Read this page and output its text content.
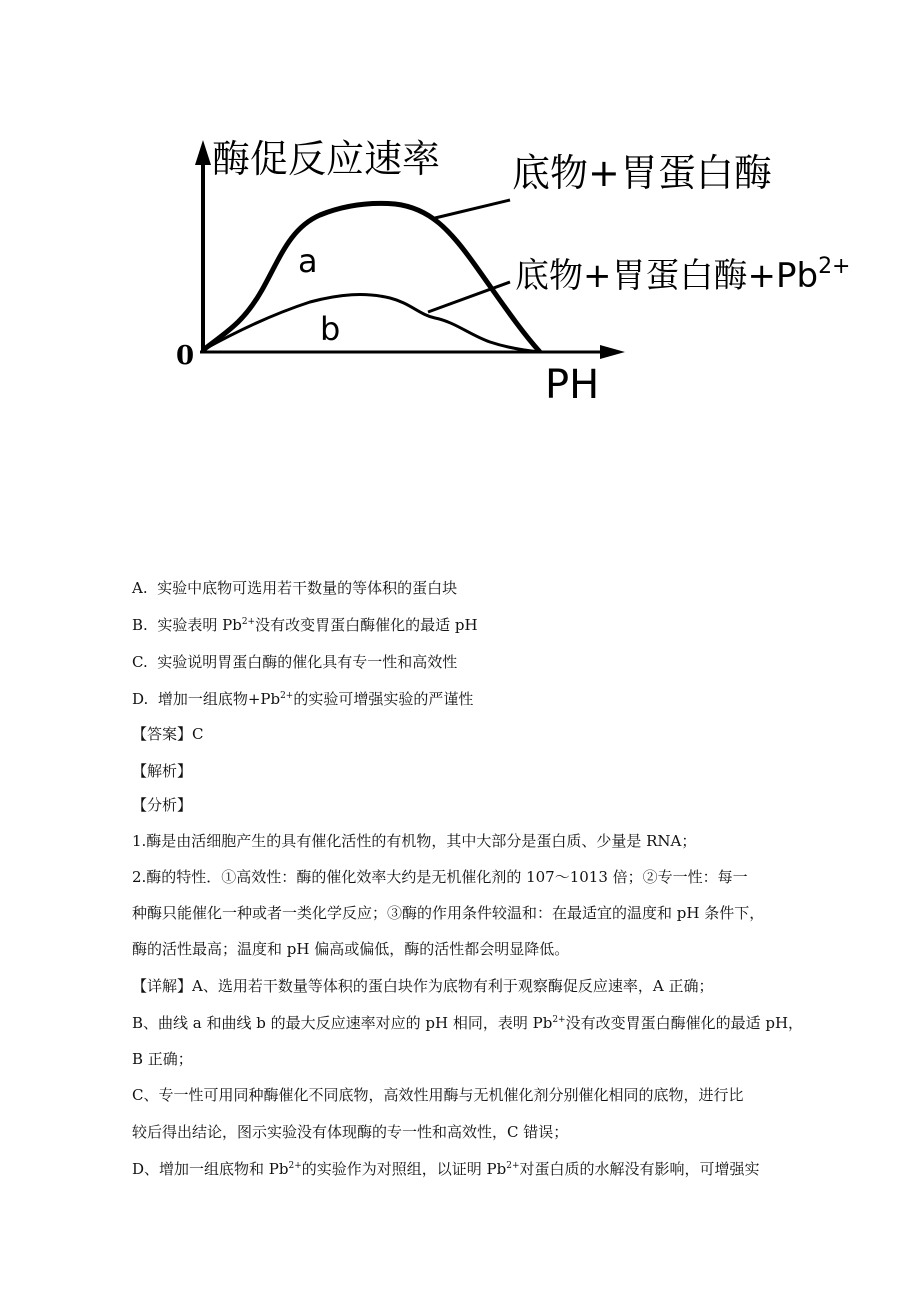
酶促反应速率
PH
0
a
b
底物+胃蛋白酶
底物+胃蛋白酶$+Pb^{2+}$
A. 实验中底物可选用若干数量的等体积的蛋白块
B. 实验表明 $Pb^{2+}$没有改变胃蛋白酶催化的最适 pH
C. 实验说明胃蛋白酶的催化具有专一性和高效性
D. 增加一组底物$+Pb^{2+}$的实验可增强实验的严谨性
【答案】C
【解析】
【分析】
1.酶是由活细胞产生的具有催化活性的有机物，其中大部分是蛋白质、少量是 RNA；
2.酶的特性．①高效性：酶的催化效率大约是无机催化剂的 107～1013 倍；②专一性：每一
种酶只能催化一种或者一类化学反应；③酶的作用条件较温和：在最适宜的温度和 pH 条件下，
酶的活性最高；温度和 pH 偏高或偏低，酶的活性都会明显降低。
【详解】A、选用若干数量等体积的蛋白块作为底物有利于观察酶促反应速率，A 正确；
B、曲线 a 和曲线 b 的最大反应速率对应的 pH 相同，表明 $Pb^{2+}$没有改变胃蛋白酶催化的最适 pH，
B 正确；
C、专一性可用同种酶催化不同底物，高效性用酶与无机催化剂分别催化相同的底物，进行比
较后得出结论，图示实验没有体现酶的专一性和高效性，C 错误；
D、增加一组底物和 $Pb^{2+}$的实验作为对照组，以证明 $Pb^{2+}$对蛋白质的水解没有影响，可增强实
